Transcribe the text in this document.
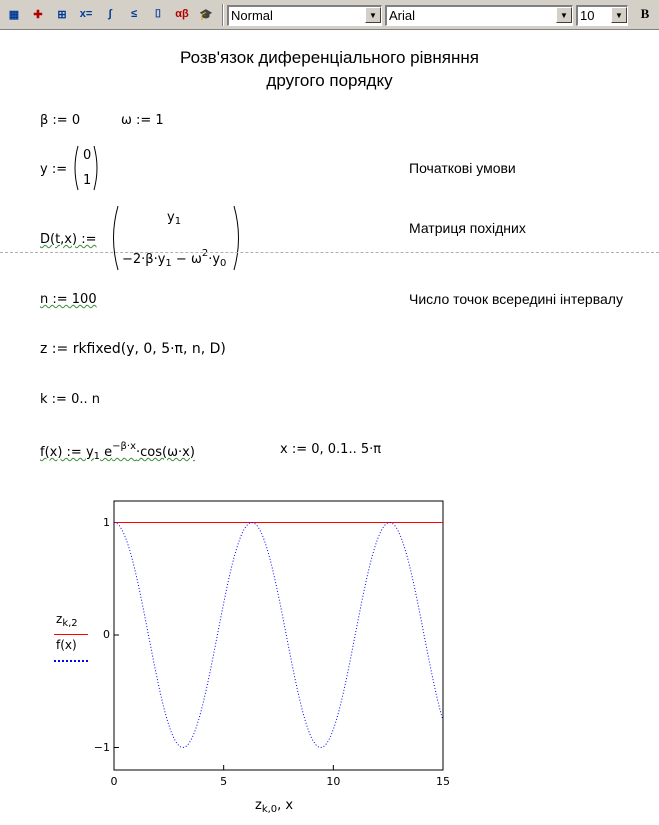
▦	✚	⊞	x=	∫	≤	⌷	αβ 🎓	Normal	▼ Arial	▼ 10	▼	B
Розв'язок диференціального рівняння
другого порядку
β := 0	ω := 1
y :=
0
1
Початкові умови
D(t,x) :=
$y_1$
$-2\cdot\beta\cdot y_1 - \omega^2\cdot y_0$
Матриця похідних
n := 100	Число точок всередині інтервалу
z := rkfixed(y, 0, 5·π, n, D)
k := 0.. n
f(x) := $y_1$ $e^{-\beta\cdot x}\cdot\cos(\omega\cdot x)$	x := 0, 0.1.. 5·π
1
0
−1
0	5	10	15
$z_{k,2}$
f(x)
$z_{k,0}$, x
